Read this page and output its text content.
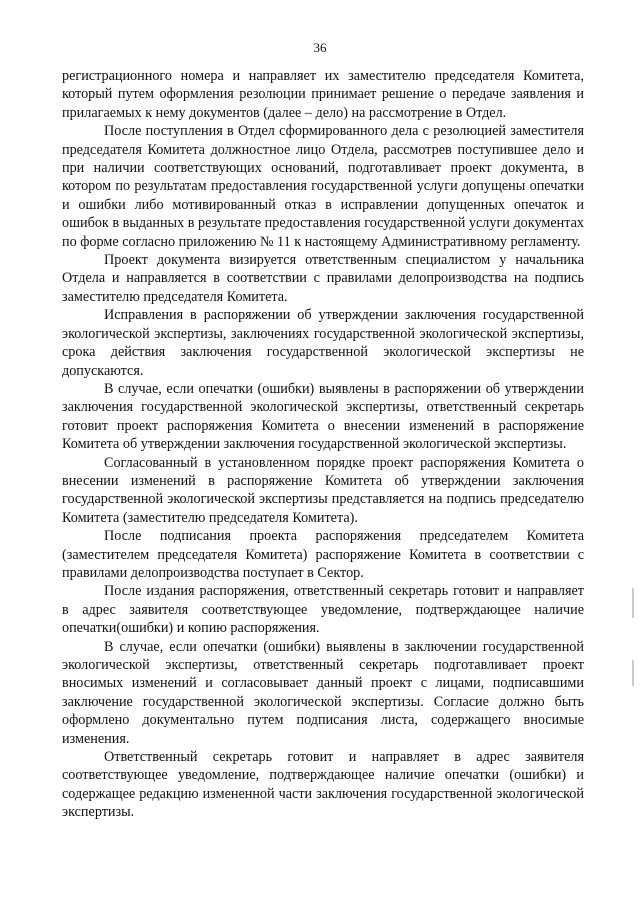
36

регистрационного номера и направляет их заместителю председателя Комитета, который путем оформления резолюции принимает решение о передаче заявления и прилагаемых к нему документов (далее – дело) на рассмотрение в Отдел.

После поступления в Отдел сформированного дела с резолюцией заместителя председателя Комитета должностное лицо Отдела, рассмотрев поступившее дело и при наличии соответствующих оснований, подготавливает проект документа, в котором по результатам предоставления государственной услуги допущены опечатки и ошибки либо мотивированный отказ в исправлении допущенных опечаток и ошибок в выданных в результате предоставления государственной услуги документах по форме согласно приложению № 11 к настоящему Административному регламенту.

Проект документа визируется ответственным специалистом у начальника Отдела и направляется в соответствии с правилами делопроизводства на подпись заместителю председателя Комитета.

Исправления в распоряжении об утверждении заключения государственной экологической экспертизы, заключениях государственной экологической экспертизы, срока действия заключения государственной экологической экспертизы не допускаются.

В случае, если опечатки (ошибки) выявлены в распоряжении об утверждении заключения государственной экологической экспертизы, ответственный секретарь готовит проект распоряжения Комитета о внесении изменений в распоряжение Комитета об утверждении заключения государственной экологической экспертизы.

Согласованный в установленном порядке проект распоряжения Комитета о внесении изменений в распоряжение Комитета об утверждении заключения государственной экологической экспертизы представляется на подпись председателю Комитета (заместителю председателя Комитета).

После подписания проекта распоряжения председателем Комитета (заместителем председателя Комитета) распоряжение Комитета в соответствии с правилами делопроизводства поступает в Сектор.

После издания распоряжения, ответственный секретарь готовит и направляет в адрес заявителя соответствующее уведомление, подтверждающее наличие опечатки(ошибки) и копию распоряжения.

В случае, если опечатки (ошибки) выявлены в заключении государственной экологической экспертизы, ответственный секретарь подготавливает проект вносимых изменений и согласовывает данный проект с лицами, подписавшими заключение государственной экологической экспертизы. Согласие должно быть оформлено документально путем подписания листа, содержащего вносимые изменения.

Ответственный секретарь готовит и направляет в адрес заявителя соответствующее уведомление, подтверждающее наличие опечатки (ошибки) и содержащее редакцию измененной части заключения государственной экологической экспертизы.
